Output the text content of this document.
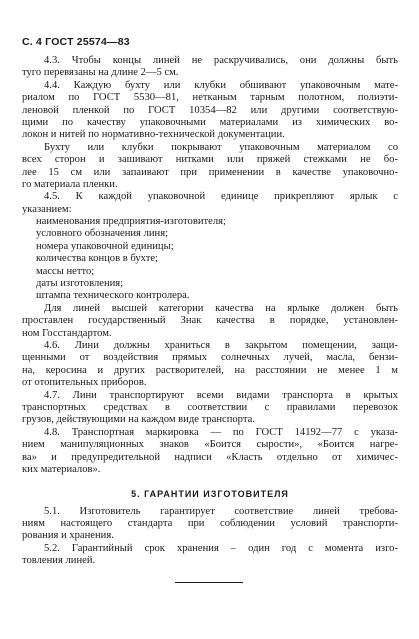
С. 4 ГОСТ 25574—83
4.3. Чтобы концы линей не раскручивались, они должны быть
туго перевязаны на длине 2—5 см.
4.4. Каждую бухту или клубки обшивают упаковочным мате-
риалом по ГОСТ 5530—81, нетканым тарным полотном, полиэти-
леновой пленкой по ГОСТ 10354—82 или другими соответствую-
щими по качеству упаковочными материалами из химических во-
локон и нитей по нормативно-технической документации.
Бухту или клубки покрывают упаковочным материалом со
всех сторон и зашивают нитками или пряжей стежками не бо-
лее 15 см или запаивают при применении в качестве упаковочно-
го материала пленки.
4.5. К каждой упаковочной единице прикрепляют ярлык с
указанием:
наименования предприятия-изготовителя;
условного обозначения линя;
номера упаковочной единицы;
количества концов в бухте;
массы нетто;
даты изготовления;
штампа технического контролера.
Для линей высшей категории качества на ярлыке должен быть
проставлен государственный Знак качества в порядке, установлен-
ном Госстандартом.
4.6. Лини должны храниться в закрытом помещении, защи-
щенными от воздействия прямых солнечных лучей, масла, бензи-
на, керосина и других растворителей, на расстоянии не менее 1 м
от отопительных приборов.
4.7. Лини транспортируют всеми видами транспорта в крытых
транспортных средствах в соответствии с правилами перевозок
грузов, действующими на каждом виде транспорта.
4.8. Транспортная маркировка — по ГОСТ 14192—77 с указа-
нием манипуляционных знаков «Боится сырости», «Боится нагре-
ва» и предупредительной надписи «Класть отдельно от химичес-
ких материалов».
5. ГАРАНТИИ ИЗГОТОВИТЕЛЯ
5.1. Изготовитель гарантирует соответствие линей требова-
ниям настоящего стандарта при соблюдении условий транспорти-
рования и хранения.
5.2. Гарантийный срок хранения – один год с момента изго-
товления линей.
